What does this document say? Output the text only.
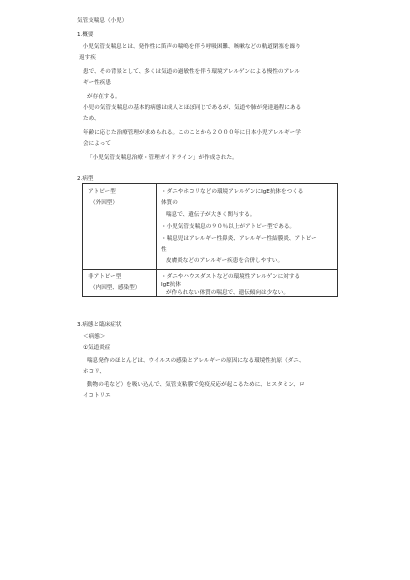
気管支喘息（小児）
1.概要
　小児気管支喘息とは、発作性に笛声の喘鳴を伴う呼吸困難、咳嗽などの軌道閉塞を繰り
返す疾
患で、その背景として、多くは気道の過敏性を伴う環境アレルゲンによる慢性のアレル
ギー性疾患
が存在する。
小児の気管支喘息の基本的病態は成人とほぼ同じであるが、気道や肺が発達過程にある
ため、
年齢に応じた治療管理が求められる。このことから２０００年に日本小児アレルギー学
会によって
「小児気管支喘息治療・管理ガイドライン」が作成された。
2.病型
アトピー型
（外因型）
・ダニやホコリなどの環境アレルゲンにIgE抗体をつくる
体質の
喘息で、遺伝子が大きく関与する。
・小児気管支喘息の９０％以上がアトピー型である。
・喘息児はアレルギー性鼻炎、アレルギー性結膜炎、アトピー
性
皮膚炎などのアレルギー疾患を合併しやすい。
非アトピー型
（内因型、感染型）
・ダニやハウスダストなどの環境性アレルゲンに対する
IgE抗体
が作られない体質の喘息で、遺伝傾向は少ない。
3.病態と臨床症状
＜病態＞
①気道炎症
喘息発作のほとんどは、ウイルスの感染とアレルギーの原因になる環境性抗原（ダニ、
ホコリ、
動物の毛など）を吸い込んで、気管支粘膜で免疫反応が起こるために、ヒスタミン、ロ
イコトリエ
